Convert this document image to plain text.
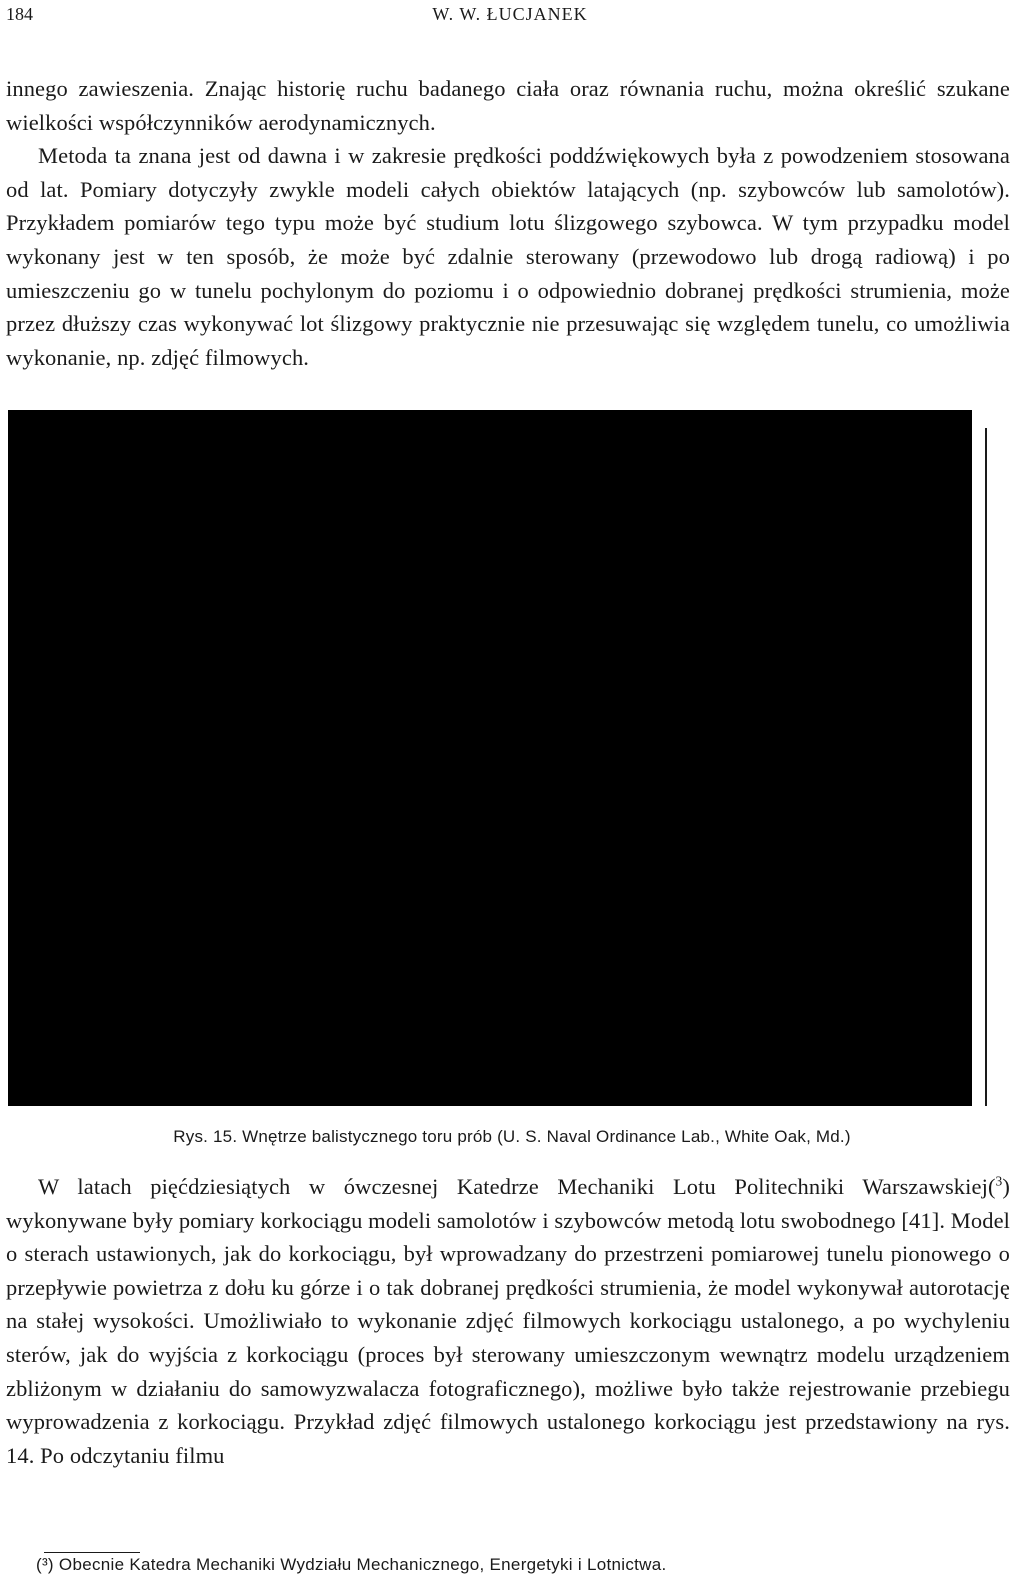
184	W. W. ŁUCJANEK

innego zawieszenia. Znając historię ruchu badanego ciała oraz równania ruchu, można określić szukane wielkości współczynników aerodynamicznych.
Metoda ta znana jest od dawna i w zakresie prędkości poddźwiękowych była z powodzeniem stosowana od lat. Pomiary dotyczyły zwykle modeli całych obiektów latających (np. szybowców lub samolotów). Przykładem pomiarów tego typu może być studium lotu ślizgowego szybowca. W tym przypadku model wykonany jest w ten sposób, że może być zdalnie sterowany (przewodowo lub drogą radiową) i po umieszczeniu go w tunelu pochylonym do poziomu i o odpowiednio dobranej prędkości strumienia, może przez dłuższy czas wykonywać lot ślizgowy praktycznie nie przesuwając się względem tunelu, co umożliwia wykonanie, np. zdjęć filmowych.

Rys. 15. Wnętrze balistycznego toru prób (U. S. Naval Ordinance Lab., White Oak, Md.)

W latach pięćdziesiątych w ówczesnej Katedrze Mechaniki Lotu Politechniki Warszawskiej($^3$) wykonywane były pomiary korkociągu modeli samolotów i szybowców metodą lotu swobodnego [41]. Model o sterach ustawionych, jak do korkociągu, był wprowadzany do przestrzeni pomiarowej tunelu pionowego o przepływie powietrza z dołu ku górze i o tak dobranej prędkości strumienia, że model wykonywał autorotację na stałej wysokości. Umożliwiało to wykonanie zdjęć filmowych korkociągu ustalonego, a po wychyleniu sterów, jak do wyjścia z korkociągu (proces był sterowany umieszczonym wewnątrz modelu urządzeniem zbliżonym w działaniu do samowyzwalacza fotograficznego), możliwe było także rejestrowanie przebiegu wyprowadzenia z korkociągu. Przykład zdjęć filmowych ustalonego korkociągu jest przedstawiony na rys. 14. Po odczytaniu filmu

(³) Obecnie Katedra Mechaniki Wydziału Mechanicznego, Energetyki i Lotnictwa.
